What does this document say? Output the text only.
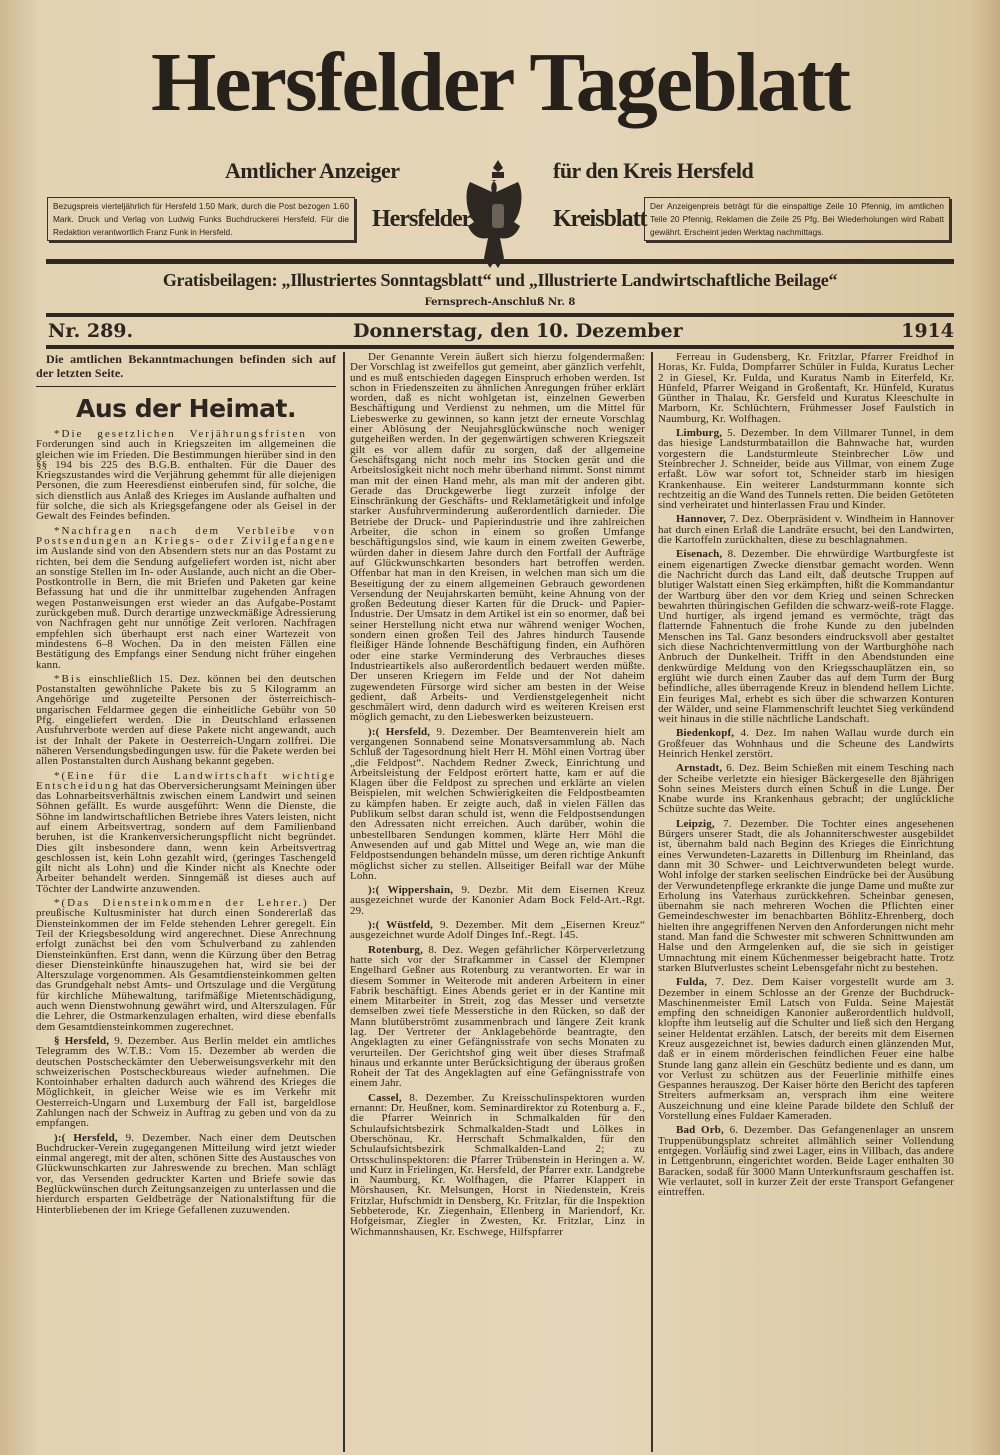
Hersfelder Tageblatt
Amtlicher Anzeiger	für den Kreis Hersfeld
Hersfelder	Kreisblatt
Bezugspreis vierteljährlich für Hersfeld 1.50 Mark, durch die Post bezogen 1.60 Mark. Druck und Verlag von Ludwig Funks Buchdruckerei Hersfeld. Für die Redaktion verantwortlich Franz Funk in Hersfeld.
Der Anzeigenpreis beträgt für die einspaltige Zeile 10 Pfennig, im amtlichen Teile 20 Pfennig, Reklamen die Zeile 25 Pfg. Bei Wiederholungen wird Rabatt gewährt. Erscheint jeden Werktag nachmittags.
Gratisbeilagen: „Illustriertes Sonntagsblatt“ und „Illustrierte Landwirtschaftliche Beilage“
Fernsprech-Anschluß Nr. 8
Nr. 289.	Donnerstag, den 10. Dezember	1914
Die amtlichen Bekanntmachungen befinden sich auf der letzten Seite.
Aus der Heimat.

*Die gesetzlichen Verjährungsfristen von Forderungen sind auch in Kriegszeiten im allgemeinen die gleichen wie im Frieden. Die Bestimmungen hierüber sind in den §§ 194 bis 225 des B.G.B. enthalten. Für die Dauer des Kriegszustandes wird die Verjährung gehemmt für alle diejenigen Personen, die zum Heeresdienst einberufen sind, für solche, die sich dienstlich aus Anlaß des Krieges im Auslande aufhalten und für solche, die sich als Kriegsgefangene oder als Geisel in der Gewalt des Feindes befinden.

*Nachfragen nach dem Verbleibe von Postsendungen an Kriegs- oder Zivilgefangene im Auslande sind von den Absendern stets nur an das Postamt zu richten, bei dem die Sendung aufgeliefert worden ist, nicht aber an sonstige Stellen im In- oder Auslande, auch nicht an die Ober-Postkontrolle in Bern, die mit Briefen und Paketen gar keine Befassung hat und die ihr unmittelbar zugehenden Anfragen wegen Postanweisungen erst wieder an das Aufgabe-Postamt zurückgeben muß. Durch derartige unzweckmäßige Adressierung von Nachfragen geht nur unnötige Zeit verloren. Nachfragen empfehlen sich überhaupt erst nach einer Wartezeit von mindestens 6–8 Wochen. Da in den meisten Fällen eine Bestätigung des Empfangs einer Sendung nicht früher eingehen kann.

*Bis einschließlich 15. Dez. können bei den deutschen Postanstalten gewöhnliche Pakete bis zu 5 Kilogramm an Angehörige und zugeteilte Personen der österreichisch-ungarischen Feldarmee gegen die einheitliche Gebühr von 50 Pfg. eingeliefert werden. Die in Deutschland erlassenen Ausfuhrverbote werden auf diese Pakete nicht angewandt, auch ist der Inhalt der Pakete in Oesterreich-Ungarn zollfrei. Die näheren Versendungsbedingungen usw. für die Pakete werden bei allen Postanstalten durch Aushang bekannt gegeben.

*(Eine für die Landwirtschaft wichtige Entscheidung hat das Oberversicherungsamt Meiningen über das Lohnarbeitsverhältnis zwischen einem Landwirt und seinen Söhnen gefällt. Es wurde ausgeführt: Wenn die Dienste, die Söhne im landwirtschaftlichen Betriebe ihres Vaters leisten, nicht auf einem Arbeitsvertrag, sondern auf dem Familienband beruhen, ist die Krankenversicherungspflicht nicht begründet. Dies gilt insbesondere dann, wenn kein Arbeitsvertrag geschlossen ist, kein Lohn gezahlt wird, (geringes Taschengeld gilt nicht als Lohn) und die Kinder nicht als Knechte oder Arbeiter behandelt werden. Sinngemäß ist dieses auch auf Töchter der Landwirte anzuwenden.

*(Das Diensteinkommen der Lehrer.) Der preußische Kultusminister hat durch einen Sondererlaß das Diensteinkommen der im Felde stehenden Lehrer geregelt. Ein Teil der Kriegsbesoldung wird angerechnet. Diese Anrechnung erfolgt zunächst bei den vom Schulverband zu zahlenden Diensteinkünften. Erst dann, wenn die Kürzung über den Betrag dieser Diensteinkünfte hinauszugehen hat, wird sie bei der Alterszulage vorgenommen. Als Gesamtdiensteinkommen gelten das Grundgehalt nebst Amts- und Ortszulage und die Vergütung für kirchliche Mühewaltung, tarifmäßige Mietentschädigung, auch wenn Dienstwohnung gewährt wird, und Alterszulagen. Für die Lehrer, die Ostmarkenzulagen erhalten, wird diese ebenfalls dem Gesamtdiensteinkommen zugerechnet.

§ Hersfeld, 9. Dezember. Aus Berlin meldet ein amtliches Telegramm des W.T.B.: Vom 15. Dezember ab werden die deutschen Postscheckämter den Ueberweisungsverkehr mit den schweizerischen Postscheckbureaus wieder aufnehmen. Die Kontoinhaber erhalten dadurch auch während des Krieges die Möglichkeit, in gleicher Weise wie es im Verkehr mit Oesterreich-Ungarn und Luxemburg der Fall ist, bargeldlose Zahlungen nach der Schweiz in Auftrag zu geben und von da zu empfangen.

):( Hersfeld, 9. Dezember. Nach einer dem Deutschen Buchdrucker-Verein zugegangenen Mitteilung wird jetzt wieder einmal angeregt, mit der alten, schönen Sitte des Austausches von Glückwunschkarten zur Jahreswende zu brechen. Man schlägt vor, das Versenden gedruckter Karten und Briefe sowie das Beglückwünschen durch Zeitungsanzeigen zu unterlassen und die hierdurch ersparten Geldbeträge der Nationalstiftung für die Hinterbliebenen der im Kriege Gefallenen zuzuwenden.

Der Genannte Verein äußert sich hierzu folgendermaßen: Der Vorschlag ist zweifellos gut gemeint, aber gänzlich verfehlt, und es muß entschieden dagegen Einspruch erhoben werden. Ist schon in Friedenszeiten zu ähnlichen Anregungen früher erklärt worden, daß es nicht wohlgetan ist, einzelnen Gewerben Beschäftigung und Verdienst zu nehmen, um die Mittel für Liebeswerke zu gewinnen, so kann jetzt der erneute Vorschlag einer Ablösung der Neujahrsglückwünsche noch weniger gutgeheißen werden. In der gegenwärtigen schweren Kriegszeit gilt es vor allem dafür zu sorgen, daß der allgemeine Geschäftsgang nicht noch mehr ins Stocken gerät und die Arbeitslosigkeit nicht noch mehr überhand nimmt. Sonst nimmt man mit der einen Hand mehr, als man mit der anderen gibt. Gerade das Druckgewerbe liegt zurzeit infolge der Einschränkung der Geschäfts- und Reklametätigkeit und infolge starker Ausfuhrverminderung außerordentlich darnieder. Die Betriebe der Druck- und Papierindustrie und ihre zahlreichen Arbeiter, die schon in einem so großen Umfange beschäftigungslos sind, wie kaum in einem zweiten Gewerbe, würden daher in diesem Jahre durch den Fortfall der Aufträge auf Glückwunschkarten besonders hart betroffen werden. Offenbar hat man in den Kreisen, in welchen man sich um die Beseitigung der zu einem allgemeinen Gebrauch gewordenen Versendung der Neujahrskarten bemüht, keine Ahnung von der großen Bedeutung dieser Karten für die Druck- und Papier-Industrie. Der Umsatz in dem Artikel ist ein so enormer, daß bei seiner Herstellung nicht etwa nur während weniger Wochen, sondern einen großen Teil des Jahres hindurch Tausende fleißiger Hände lohnende Beschäftigung finden, ein Aufhören oder eine starke Verminderung des Verbrauches dieses Industrieartikels also außerordentlich bedauert werden müßte. Der unseren Kriegern im Felde und der Not daheim zugewendeten Fürsorge wird sicher am besten in der Weise gedient, daß Arbeits- und Verdienstgelegenheit nicht geschmälert wird, denn dadurch wird es weiteren Kreisen erst möglich gemacht, zu den Liebeswerken beizusteuern.

):( Hersfeld, 9. Dezember. Der Beamtenverein hielt am vergangenen Sonnabend seine Monatsversammlung ab. Nach Schluß der Tagesordnung hielt Herr H. Möhl einen Vortrag über „die Feldpost“. Nachdem Redner Zweck, Einrichtung und Arbeitsleistung der Feldpost erörtert hatte, kam er auf die Klagen über die Feldpost zu sprechen und erklärte an vielen Beispielen, mit welchen Schwierigkeiten die Feldpostbeamten zu kämpfen haben. Er zeigte auch, daß in vielen Fällen das Publikum selbst daran schuld ist, wenn die Feldpostsendungen den Adressaten nicht erreichen. Auch darüber, wohin die unbestellbaren Sendungen kommen, klärte Herr Möhl die Anwesenden auf und gab Mittel und Wege an, wie man die Feldpostsendungen behandeln müsse, um deren richtige Ankunft möglichst sicher zu stellen. Allseitiger Beifall war der Mühe Lohn.

):( Wippershain, 9. Dezbr. Mit dem Eisernen Kreuz ausgezeichnet wurde der Kanonier Adam Bock Feld-Art.-Rgt. 29.

):( Wüstfeld, 9. Dezember. Mit dem „Eisernen Kreuz“ ausgezeichnet wurde Adolf Dinges Inf.-Regt. 145.

Rotenburg, 8. Dez. Wegen gefährlicher Körperverletzung hatte sich vor der Strafkammer in Cassel der Klempner Engelhard Geßner aus Rotenburg zu verantworten. Er war in diesem Sommer in Weiterode mit anderen Arbeitern in einer Fabrik beschäftigt. Eines Abends geriet er in der Kantine mit einem Mitarbeiter in Streit, zog das Messer und versetzte demselben zwei tiefe Messerstiche in den Rücken, so daß der Mann blutüberströmt zusammenbrach und längere Zeit krank lag. Der Vertreter der Anklagebehörde beantragte, den Angeklagten zu einer Gefängnisstrafe von sechs Monaten zu verurteilen. Der Gerichtshof ging weit über dieses Strafmaß hinaus und erkannte unter Berücksichtigung der überaus großen Roheit der Tat des Angeklagten auf eine Gefängnisstrafe von einem Jahr.

Cassel, 8. Dezember. Zu Kreisschulinspektoren wurden ernannt: Dr. Heußner, kom. Seminardirektor zu Rotenburg a. F., die Pfarrer Weinrich in Schmalkalden für den Schulaufsichtsbezirk Schmalkalden-Stadt und Lölkes in Oberschönau, Kr. Herrschaft Schmalkalden, für den Schulaufsichtsbezirk Schmalkalden-Land 2; zu Ortsschulinspektoren: die Pfarrer Trübenstein in Heringen a. W. und Kurz in Frielingen, Kr. Hersfeld, der Pfarrer extr. Landgrebe in Naumburg, Kr. Wolfhagen, die Pfarrer Klappert in Mörshausen, Kr. Melsungen, Horst in Niedenstein, Kreis Fritzlar, Hufschmidt in Densberg, Kr. Fritzlar, für die Inspektion Sebbeterode, Kr. Ziegenhain, Ellenberg in Mariendorf, Kr. Hofgeismar, Ziegler in Zwesten, Kr. Fritzlar, Linz in Wichmannshausen, Kr. Eschwege, Hilfspfarrer

Ferreau in Gudensberg, Kr. Fritzlar, Pfarrer Freidhof in Horas, Kr. Fulda, Dompfarrer Schüler in Fulda, Kuratus Lecher 2 in Giesel, Kr. Fulda, und Kuratus Namb in Eiterfeld, Kr. Hünfeld, Pfarrer Weigand in Großentaft, Kr. Hünfeld, Kuratus Günther in Thalau, Kr. Gersfeld und Kuratus Kleeschulte in Marborn, Kr. Schlüchtern, Frühmesser Josef Faulstich in Naumburg, Kr. Wolfhagen.

Limburg, 5. Dezember. In dem Villmarer Tunnel, in dem das hiesige Landsturmbataillon die Bahnwache hat, wurden vorgestern die Landsturmleute Steinbrecher Löw und Steinbrecher J. Schneider, beide aus Villmar, von einem Zuge erfaßt. Löw war sofort tot, Schneider starb im hiesigen Krankenhause. Ein weiterer Landsturmmann konnte sich rechtzeitig an die Wand des Tunnels retten. Die beiden Getöteten sind verheiratet und hinterlassen Frau und Kinder.

Hannover, 7. Dez. Oberpräsident v. Windheim in Hannover hat durch einen Erlaß die Landräte ersucht, bei den Landwirten, die Kartoffeln zurückhalten, diese zu beschlagnahmen.

Eisenach, 8. Dezember. Die ehrwürdige Wartburgfeste ist einem eigenartigen Zwecke dienstbar gemacht worden. Wenn die Nachricht durch das Land eilt, daß deutsche Truppen auf blutiger Walstatt einen Sieg erkämpften, hißt die Kommandantur der Wartburg über den vor dem Krieg und seinen Schrecken bewahrten thüringischen Gefilden die schwarz-weiß-rote Flagge. Und hurtiger, als irgend jemand es vermöchte, trägt das flatternde Fahnentuch die frohe Kunde zu den jubelnden Menschen ins Tal. Ganz besonders eindrucksvoll aber gestaltet sich diese Nachrichtenvermittlung von der Wartburghöhe nach Anbruch der Dunkelheit. Trifft in den Abendstunden eine denkwürdige Meldung von den Kriegsschauplätzen ein, so erglüht wie durch einen Zauber das auf dem Turm der Burg befindliche, alles überragende Kreuz in blendend hellem Lichte. Ein feuriges Mal, erhebt es sich über die schwarzen Konturen der Wälder, und seine Flammenschrift leuchtet Sieg verkündend weit hinaus in die stille nächtliche Landschaft.

Biedenkopf, 4. Dez. Im nahen Wallau wurde durch ein Großfeuer das Wohnhaus und die Scheune des Landwirts Heinrich Henkel zerstört.

Arnstadt, 6. Dez. Beim Schießen mit einem Tesching nach der Scheibe verletzte ein hiesiger Bäckergeselle den 8jährigen Sohn seines Meisters durch einen Schuß in die Lunge. Der Knabe wurde ins Krankenhaus gebracht; der unglückliche Schütze suchte das Weite.

Leipzig, 7. Dezember. Die Tochter eines angesehenen Bürgers unserer Stadt, die als Johanniterschwester ausgebildet ist, übernahm bald nach Beginn des Krieges die Einrichtung eines Verwundeten-Lazaretts in Dillenburg im Rheinland, das dann mit 30 Schwer- und Leichtverwundeten belegt wurde. Wohl infolge der starken seelischen Eindrücke bei der Ausübung der Verwundetenpflege erkrankte die junge Dame und mußte zur Erholung ins Vaterhaus zurückkehren. Scheinbar genesen, übernahm sie nach mehreren Wochen die Pflichten einer Gemeindeschwester im benachbarten Böhlitz-Ehrenberg, doch hielten ihre angegriffenen Nerven den Anforderungen nicht mehr stand. Man fand die Schwester mit schweren Schnittwunden am Halse und den Armgelenken auf, die sie sich in geistiger Umnachtung mit einem Küchenmesser beigebracht hatte. Trotz starken Blutverlustes scheint Lebensgefahr nicht zu bestehen.

Fulda, 7. Dez. Dem Kaiser vorgestellt wurde am 3. Dezember in einem Schlosse an der Grenze der Buchdruck-Maschinenmeister Emil Latsch von Fulda. Seine Majestät empfing den schneidigen Kanonier außerordentlich huldvoll, klopfte ihm leutselig auf die Schulter und ließ sich den Hergang seiner Heldentat erzählen. Latsch, der bereits mit dem Eisernen Kreuz ausgezeichnet ist, bewies dadurch einen glänzenden Mut, daß er in einem mörderischen feindlichen Feuer eine halbe Stunde lang ganz allein ein Geschütz bediente und es dann, um vor Verlust zu schützen aus der Feuerlinie mithilfe eines Gespannes herauszog. Der Kaiser hörte den Bericht des tapferen Streiters aufmerksam an, versprach ihm eine weitere Auszeichnung und eine kleine Parade bildete den Schluß der Vorstellung eines Fuldaer Kameraden.

Bad Orb, 6. Dezember. Das Gefangenenlager an unsrem Truppenübungsplatz schreitet allmählich seiner Vollendung entgegen. Vorläufig sind zwei Lager, eins in Villbach, das andere in Lettgenbrunn, eingerichtet worden. Beide Lager enthalten 30 Baracken, sodaß für 3000 Mann Unterkunftsraum geschaffen ist. Wie verlautet, soll in kurzer Zeit der erste Transport Gefangener eintreffen.
